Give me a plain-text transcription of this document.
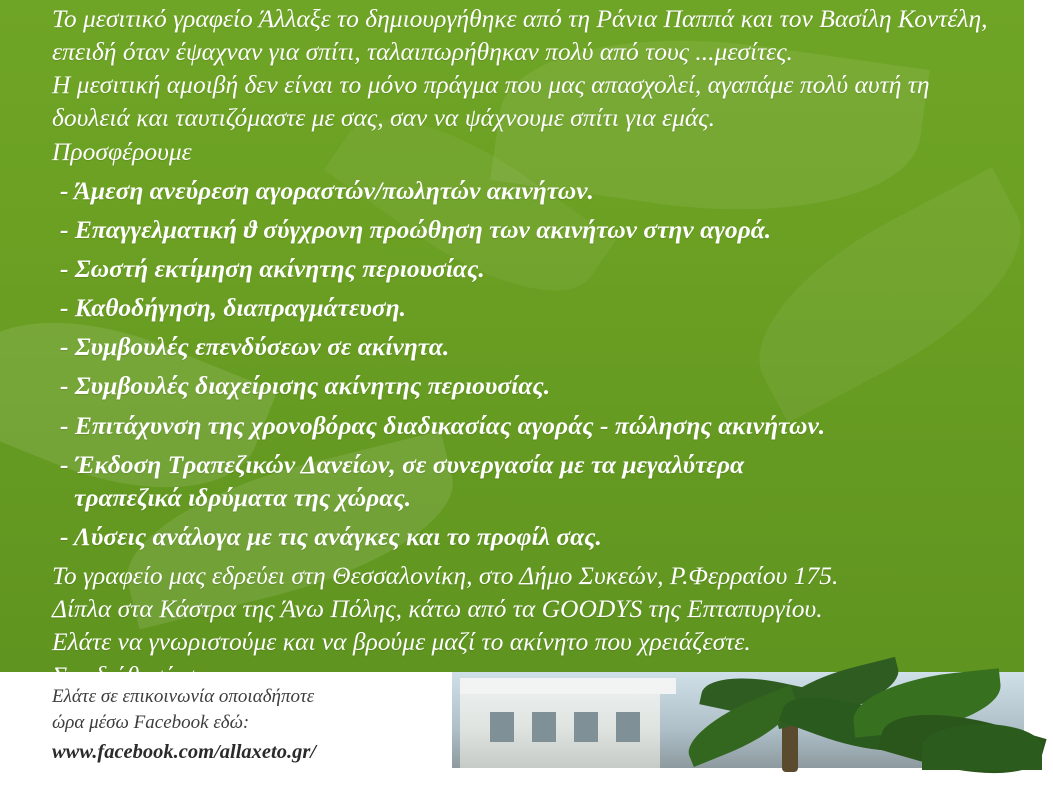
Το μεσιτικό γραφείο Άλλαξε το δημιουργήθηκε από τη Ράνια Παππά και τον Βασίλη Κοντέλη, επειδή όταν έψαχναν για σπίτι, ταλαιπωρήθηκαν πολύ από τους ...μεσίτες.

Η μεσιτική αμοιβή δεν είναι το μόνο πράγμα που μας απασχολεί, αγαπάμε πολύ αυτή τη δουλειά και ταυτιζόμαστε με σας, σαν να ψάχνουμε σπίτι για εμάς.

Προσφέρουμε

- Άμεση ανεύρεση αγοραστών/πωλητών ακινήτων.
- Επαγγελματική ϑ σύγχρονη προώθηση των ακινήτων στην αγορά.
- Σωστή εκτίμηση ακίνητης περιουσίας.
- Καθοδήγηση, διαπραγμάτευση.
- Συμβουλές επενδύσεων σε ακίνητα.
- Συμβουλές διαχείρισης ακίνητης περιουσίας.
- Επιτάχυνση της χρονοβόρας διαδικασίας αγοράς - πώλησης ακινήτων.
- Έκδοση Τραπεζικών Δανείων, σε συνεργασία με τα μεγαλύτερα
τραπεζικά ιδρύματα της χώρας.
- Λύσεις ανάλογα με τις ανάγκες και το προφίλ σας.
Το γραφείο μας εδρεύει στη Θεσσαλονίκη, στο Δήμο Συκεών, Ρ.Φερραίου 175.
Δίπλα στα Κάστρα της Άνω Πόλης, κάτω από τα GOODYS της Επταπυργίου.
Ελάτε να γνωριστούμε και να βρούμε μαζί το ακίνητο που χρειάζεστε.
Ελάτε σε επικοινωνία οποιαδήποτε
ώρα μέσω Facebook εδώ:
www.facebook.com/allaxeto.gr/
